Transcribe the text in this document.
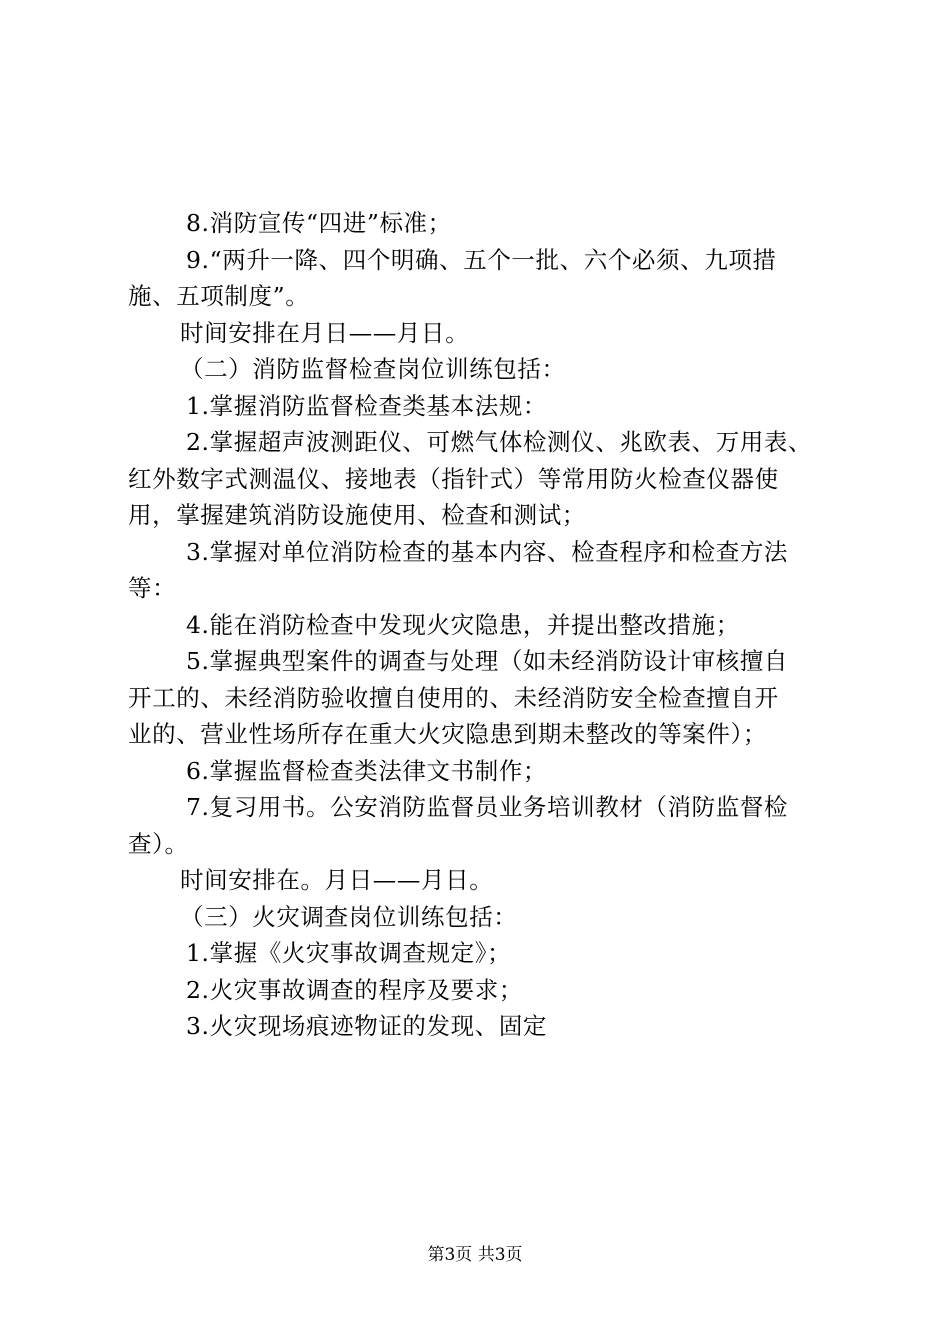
8.消防宣传“四进”标准；
9.“两升一降、四个明确、五个一批、六个必须、九项措
施、五项制度”。
时间安排在月日——月日。
（二）消防监督检查岗位训练包括：
1.掌握消防监督检查类基本法规：
2.掌握超声波测距仪、可燃气体检测仪、兆欧表、万用表、
红外数字式测温仪、接地表（指针式）等常用防火检查仪器使
用，掌握建筑消防设施使用、检查和测试；
3.掌握对单位消防检查的基本内容、检查程序和检查方法
等：
4.能在消防检查中发现火灾隐患，并提出整改措施；
5.掌握典型案件的调查与处理（如未经消防设计审核擅自
开工的、未经消防验收擅自使用的、未经消防安全检查擅自开
业的、营业性场所存在重大火灾隐患到期未整改的等案件）；
6.掌握监督检查类法律文书制作；
7.复习用书。公安消防监督员业务培训教材（消防监督检
查）。
时间安排在。月日——月日。
（三）火灾调查岗位训练包括：
1.掌握《火灾事故调查规定》；
2.火灾事故调查的程序及要求；
3.火灾现场痕迹物证的发现、固定
第3页 共3页
